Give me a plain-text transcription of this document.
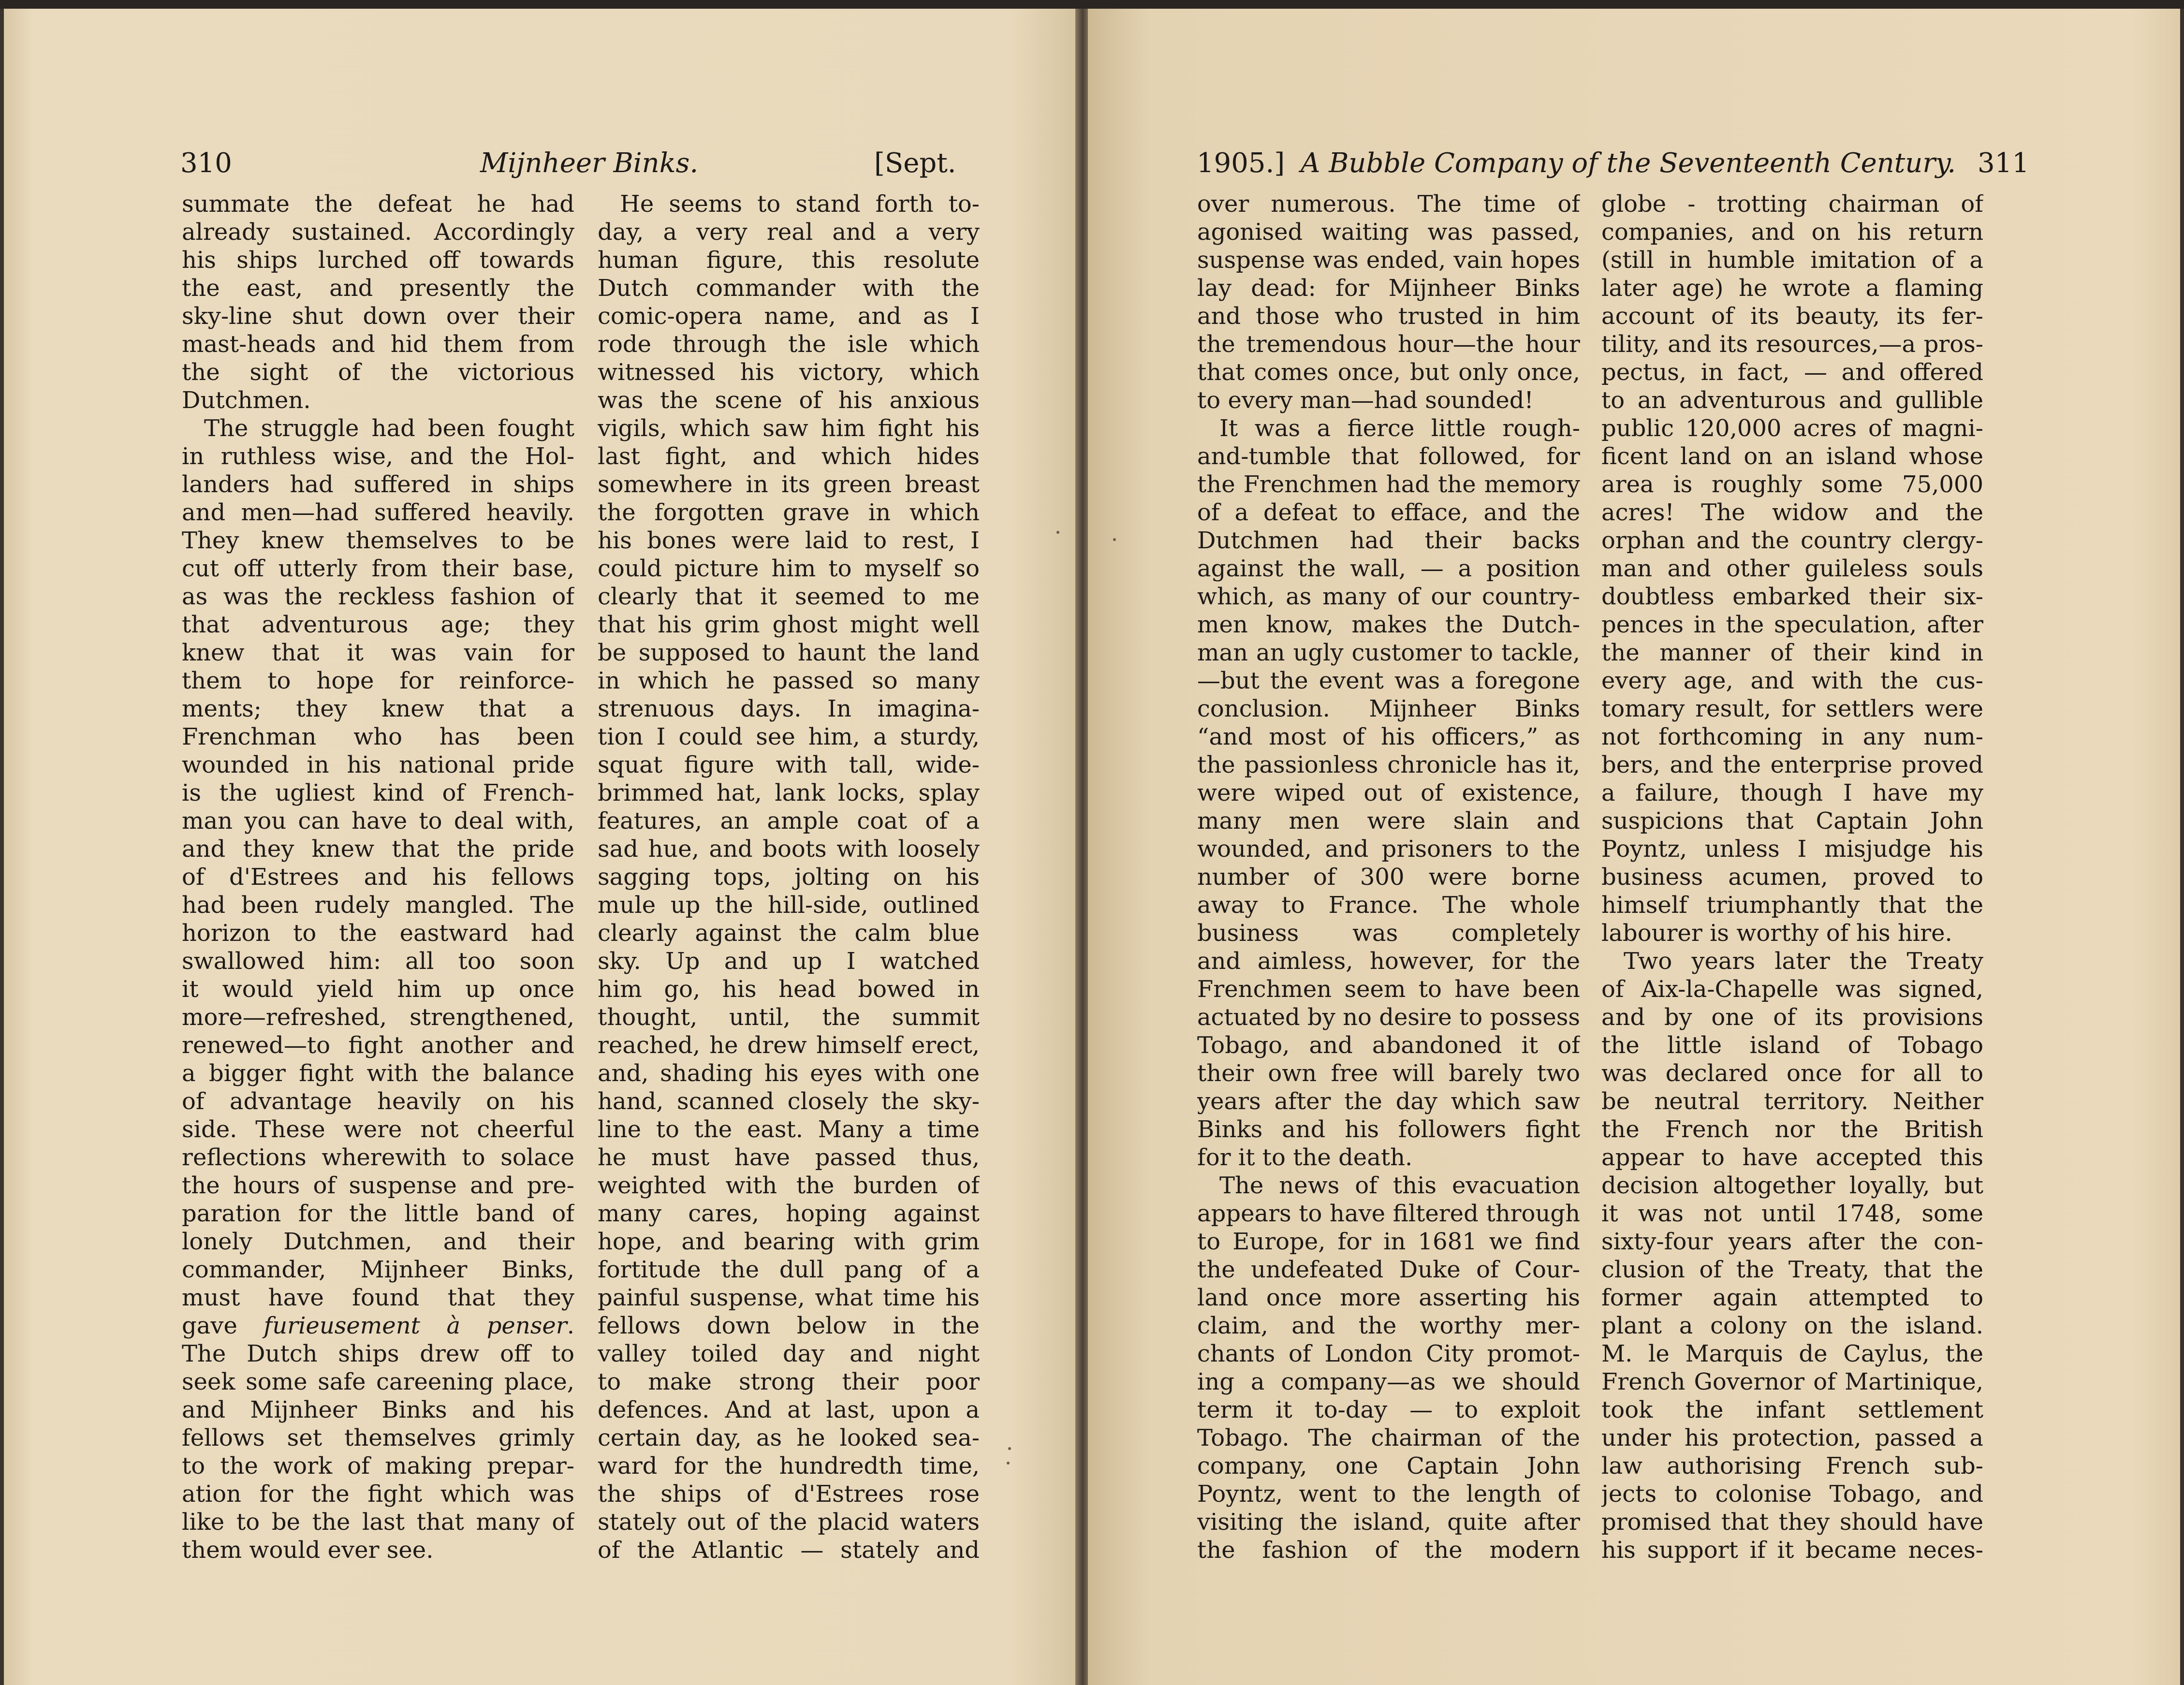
310	Mijnheer Binks.	[Sept.
summate the defeat he had
already sustained. Accordingly
his ships lurched off towards
the east, and presently the
sky-line shut down over their
mast-heads and hid them from
the sight of the victorious
Dutchmen.
The struggle had been fought
in ruthless wise, and the Hol-
landers had suffered in ships
and men—had suffered heavily.
They knew themselves to be
cut off utterly from their base,
as was the reckless fashion of
that adventurous age; they
knew that it was vain for
them to hope for reinforce-
ments; they knew that a
Frenchman who has been
wounded in his national pride
is the ugliest kind of French-
man you can have to deal with,
and they knew that the pride
of d'Estrees and his fellows
had been rudely mangled. The
horizon to the eastward had
swallowed him: all too soon
it would yield him up once
more—refreshed, strengthened,
renewed—to fight another and
a bigger fight with the balance
of advantage heavily on his
side. These were not cheerful
reflections wherewith to solace
the hours of suspense and pre-
paration for the little band of
lonely Dutchmen, and their
commander, Mijnheer Binks,
must have found that they
gave furieusement à penser.
The Dutch ships drew off to
seek some safe careening place,
and Mijnheer Binks and his
fellows set themselves grimly
to the work of making prepar-
ation for the fight which was
like to be the last that many of
them would ever see.
He seems to stand forth to-
day, a very real and a very
human figure, this resolute
Dutch commander with the
comic-opera name, and as I
rode through the isle which
witnessed his victory, which
was the scene of his anxious
vigils, which saw him fight his
last fight, and which hides
somewhere in its green breast
the forgotten grave in which
his bones were laid to rest, I
could picture him to myself so
clearly that it seemed to me
that his grim ghost might well
be supposed to haunt the land
in which he passed so many
strenuous days. In imagina-
tion I could see him, a sturdy,
squat figure with tall, wide-
brimmed hat, lank locks, splay
features, an ample coat of a
sad hue, and boots with loosely
sagging tops, jolting on his
mule up the hill-side, outlined
clearly against the calm blue
sky. Up and up I watched
him go, his head bowed in
thought, until, the summit
reached, he drew himself erect,
and, shading his eyes with one
hand, scanned closely the sky-
line to the east. Many a time
he must have passed thus,
weighted with the burden of
many cares, hoping against
hope, and bearing with grim
fortitude the dull pang of a
painful suspense, what time his
fellows down below in the
valley toiled day and night
to make strong their poor
defences. And at last, upon a
certain day, as he looked sea-
ward for the hundredth time,
the ships of d'Estrees rose
stately out of the placid waters
of the Atlantic — stately and
1905.] A Bubble Company of the Seventeenth Century. 311
over numerous. The time of
agonised waiting was passed,
suspense was ended, vain hopes
lay dead: for Mijnheer Binks
and those who trusted in him
the tremendous hour—the hour
that comes once, but only once,
to every man—had sounded!
It was a fierce little rough-
and-tumble that followed, for
the Frenchmen had the memory
of a defeat to efface, and the
Dutchmen had their backs
against the wall, — a position
which, as many of our country-
men know, makes the Dutch-
man an ugly customer to tackle,
—but the event was a foregone
conclusion. Mijnheer Binks
“and most of his officers,” as
the passionless chronicle has it,
were wiped out of existence,
many men were slain and
wounded, and prisoners to the
number of 300 were borne
away to France. The whole
business was completely
and aimless, however, for the
Frenchmen seem to have been
actuated by no desire to possess
Tobago, and abandoned it of
their own free will barely two
years after the day which saw
Binks and his followers fight
for it to the death.
The news of this evacuation
appears to have filtered through
to Europe, for in 1681 we find
the undefeated Duke of Cour-
land once more asserting his
claim, and the worthy mer-
chants of London City promot-
ing a company—as we should
term it to-day — to exploit
Tobago. The chairman of the
company, one Captain John
Poyntz, went to the length of
visiting the island, quite after
the fashion of the modern
globe - trotting chairman of
companies, and on his return
(still in humble imitation of a
later age) he wrote a flaming
account of its beauty, its fer-
tility, and its resources,—a pros-
pectus, in fact, — and offered
to an adventurous and gullible
public 120,000 acres of magni-
ficent land on an island whose
area is roughly some 75,000
acres! The widow and the
orphan and the country clergy-
man and other guileless souls
doubtless embarked their six-
pences in the speculation, after
the manner of their kind in
every age, and with the cus-
tomary result, for settlers were
not forthcoming in any num-
bers, and the enterprise proved
a failure, though I have my
suspicions that Captain John
Poyntz, unless I misjudge his
business acumen, proved to
himself triumphantly that the
labourer is worthy of his hire.
Two years later the Treaty
of Aix-la-Chapelle was signed,
and by one of its provisions
the little island of Tobago
was declared once for all to
be neutral territory. Neither
the French nor the British
appear to have accepted this
decision altogether loyally, but
it was not until 1748, some
sixty-four years after the con-
clusion of the Treaty, that the
former again attempted to
plant a colony on the island.
M. le Marquis de Caylus, the
French Governor of Martinique,
took the infant settlement
under his protection, passed a
law authorising French sub-
jects to colonise Tobago, and
promised that they should have
his support if it became neces-
